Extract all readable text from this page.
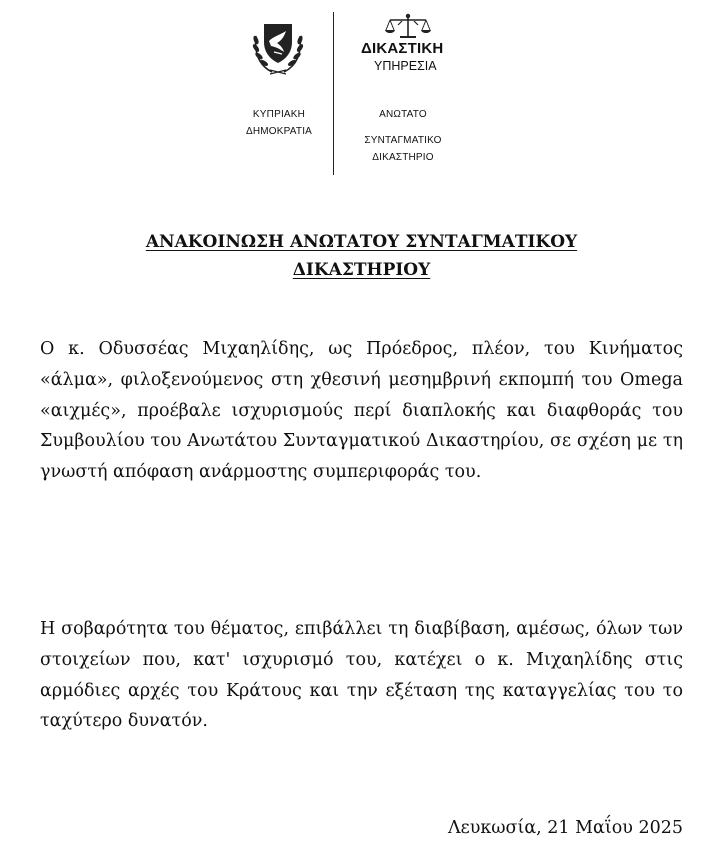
ΚΥΠΡΙΑΚΗ
ΔΗΜΟΚΡΑΤΙΑ
ΔΙΚΑΣΤΙΚΗ
ΥΠΗΡΕΣΙΑ
ΑΝΩΤΑΤΟ
ΣΥΝΤΑΓΜΑΤΙΚΟ
ΔΙΚΑΣΤΗΡΙΟ
ΑΝΑΚΟΙΝΩΣΗ ΑΝΩΤΑΤΟΥ ΣΥΝΤΑΓΜΑΤΙΚΟΥ
ΔΙΚΑΣΤΗΡΙΟΥ
Ο κ. Οδυσσέας Μιχαηλίδης, ως Πρόεδρος, πλέον, του Κινήματος «άλμα», φιλοξενούμενος στη χθεσινή μεσημβρινή εκπομπή του Omega «αιχμές», προέβαλε ισχυρισμούς περί διαπλοκής και διαφθοράς του Συμβουλίου του Ανωτάτου Συνταγματικού Δικαστηρίου, σε σχέση με τη γνωστή απόφαση ανάρμοστης συμπεριφοράς του.
Η σοβαρότητα του θέματος, επιβάλλει τη διαβίβαση, αμέσως, όλων των στοιχείων που, κατ' ισχυρισμό του, κατέχει ο κ. Μιχαηλίδης στις αρμόδιες αρχές του Κράτους και την εξέταση της καταγγελίας του το ταχύτερο δυνατόν.
Λευκωσία, 21 Μαΐου 2025
